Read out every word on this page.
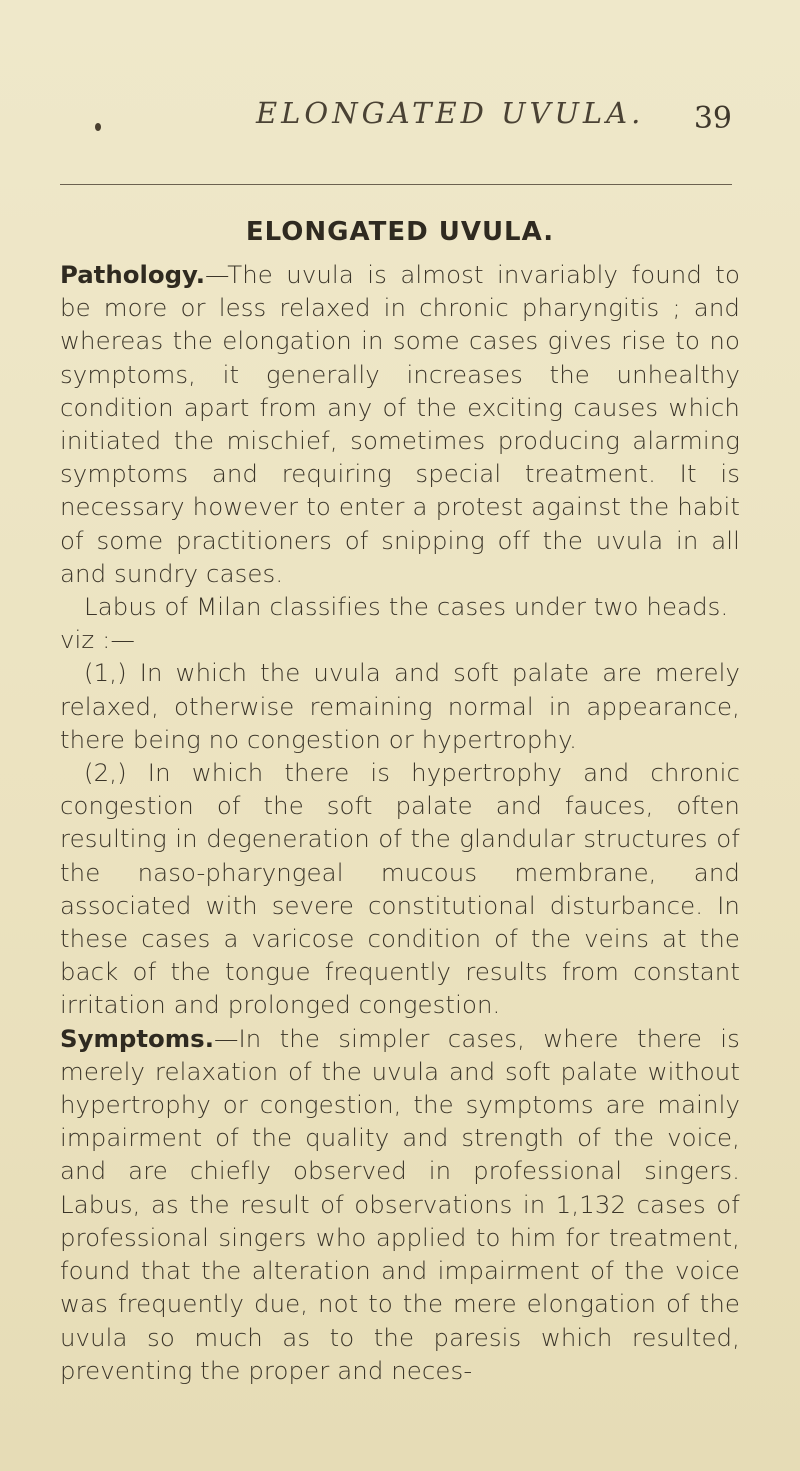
ELONGATED UVULA. 39
ELONGATED UVULA.

Pathology.—The uvula is almost invariably found to be more or less relaxed in chronic pharyngitis ; and whereas the elongation in some cases gives rise to no symptoms, it generally increases the unhealthy condition apart from any of the exciting causes which initiated the mischief, sometimes producing alarming symptoms and requiring special treatment. It is necessary however to enter a protest against the habit of some practitioners of snipping off the uvula in all and sundry cases.

Labus of Milan classifies the cases under two heads.

viz :—

(1,) In which the uvula and soft palate are merely relaxed, otherwise remaining normal in appearance, there being no congestion or hypertrophy.

(2,) In which there is hypertrophy and chronic congestion of the soft palate and fauces, often resulting in degeneration of the glandular structures of the naso-pharyngeal mucous membrane, and associated with severe constitutional disturbance. In these cases a varicose condition of the veins at the back of the tongue frequently results from constant irritation and prolonged congestion.

Symptoms.—In the simpler cases, where there is merely relaxation of the uvula and soft palate without hypertrophy or congestion, the symptoms are mainly impairment of the quality and strength of the voice, and are chiefly observed in professional singers. Labus, as the result of observations in 1,132 cases of professional singers who applied to him for treatment, found that the alteration and impairment of the voice was frequently due, not to the mere elongation of the uvula so much as to the paresis which resulted, preventing the proper and neces-
